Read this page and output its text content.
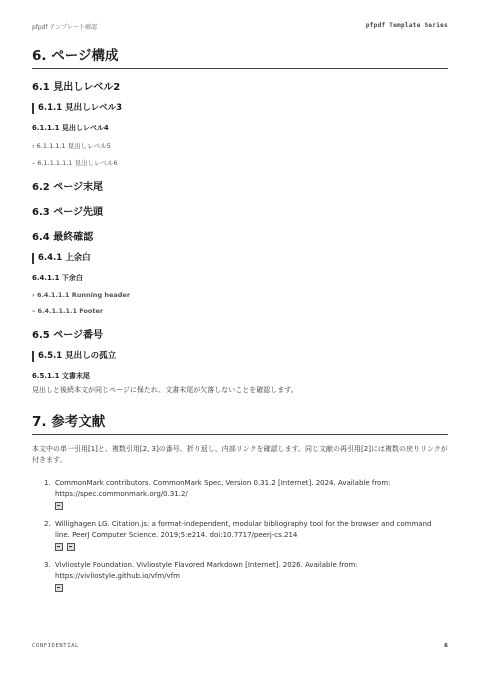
pfpdf テンプレート確認	pfpdf Template Series
6. ページ構成
6.1 見出しレベル2
6.1.1 見出しレベル3
6.1.1.1 見出しレベル4
› 6.1.1.1.1 見出しレベル5
– 6.1.1.1.1.1 見出しレベル6
6.2 ページ末尾
6.3 ページ先頭
6.4 最終確認
6.4.1 上余白
6.4.1.1 下余白
› 6.4.1.1.1 Running header
– 6.4.1.1.1.1 Footer
6.5 ページ番号
6.5.1 見出しの孤立
6.5.1.1 文書末尾
見出しと後続本文が同じページに保たれ、文書末尾が欠落しないことを確認します。
7. 参考文献
本文中の単一引用[1]と、複数引用[2, 3]の番号、折り返し、内部リンクを確認します。同じ文献の再引用[2]には複数の戻りリンクが付きます。
1. CommonMark contributors. CommonMark Spec, Version 0.31.2 [Internet]. 2024. Available from: https://spec.commonmark.org/0.31.2/
2. Willighagen LG. Citation.js: a format-independent, modular bibliography tool for the browser and command line. PeerJ Computer Science. 2019;5:e214. doi:10.7717/peerj-cs.214
3. Vivliostyle Foundation. Vivliostyle Flavored Markdown [Internet]. 2026. Available from: https://vivliostyle.github.io/vfm/vfm
CONFIDENTIAL	6
